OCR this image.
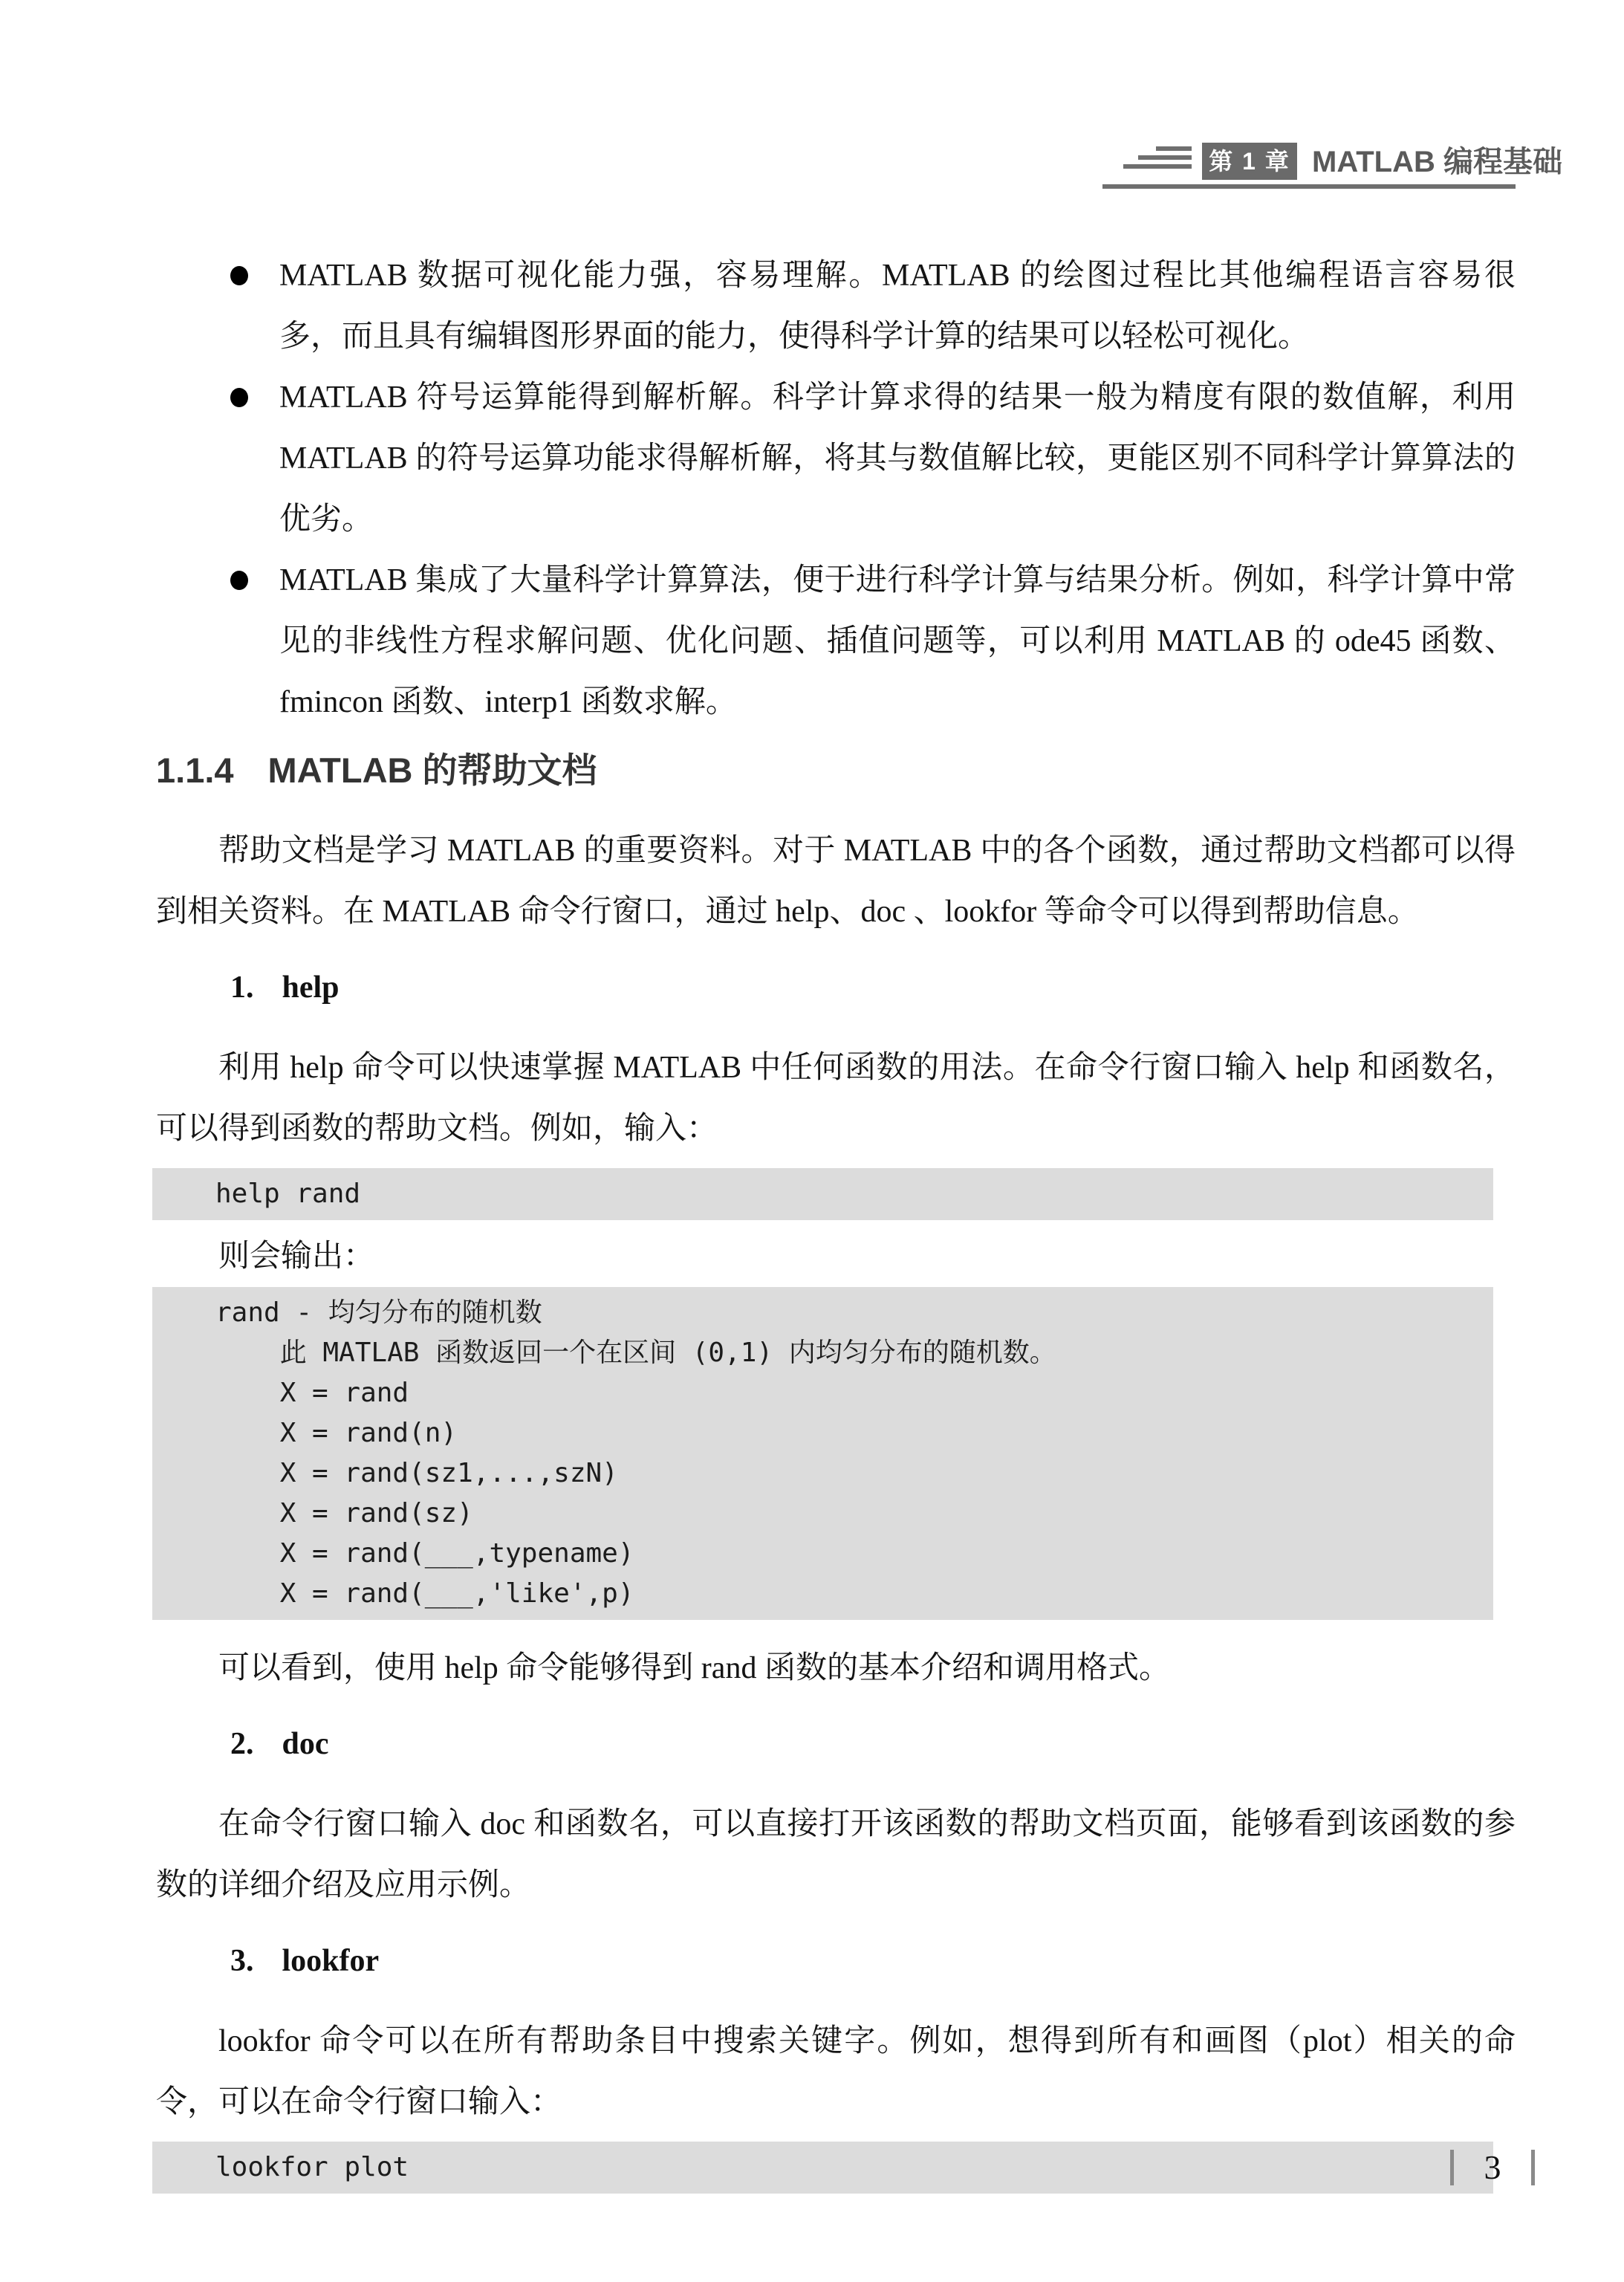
第 1 章 MATLAB 编程基础
MATLAB 数据可视化能力强，容易理解。MATLAB 的绘图过程比其他编程语言容易很多，而且具有编辑图形界面的能力，使得科学计算的结果可以轻松可视化。
MATLAB 符号运算能得到解析解。科学计算求得的结果一般为精度有限的数值解，利用 MATLAB 的符号运算功能求得解析解，将其与数值解比较，更能区别不同科学计算算法的优劣。
MATLAB 集成了大量科学计算算法，便于进行科学计算与结果分析。例如，科学计算中常见的非线性方程求解问题、优化问题、插值问题等，可以利用 MATLAB 的 ode45 函数、fmincon 函数、interp1 函数求解。
1.1.4 MATLAB 的帮助文档

帮助文档是学习 MATLAB 的重要资料。对于 MATLAB 中的各个函数，通过帮助文档都可以得到相关资料。在 MATLAB 命令行窗口，通过 help、doc 、lookfor 等命令可以得到帮助信息。

1. help

利用 help 命令可以快速掌握 MATLAB 中任何函数的用法。在命令行窗口输入 help 和函数名，可以得到函数的帮助文档。例如，输入：

help rand

则会输出：

rand - 均匀分布的随机数
此 MATLAB 函数返回一个在区间 (0,1) 内均匀分布的随机数。
X = rand
X = rand(n)
X = rand(sz1,...,szN)
X = rand(sz)
X = rand(___,typename)
X = rand(___,'like',p)

可以看到，使用 help 命令能够得到 rand 函数的基本介绍和调用格式。

2. doc

在命令行窗口输入 doc 和函数名，可以直接打开该函数的帮助文档页面，能够看到该函数的参数的详细介绍及应用示例。

3. lookfor

lookfor 命令可以在所有帮助条目中搜索关键字。例如，想得到所有和画图（plot）相关的命令，可以在命令行窗口输入：

lookfor plot	3
